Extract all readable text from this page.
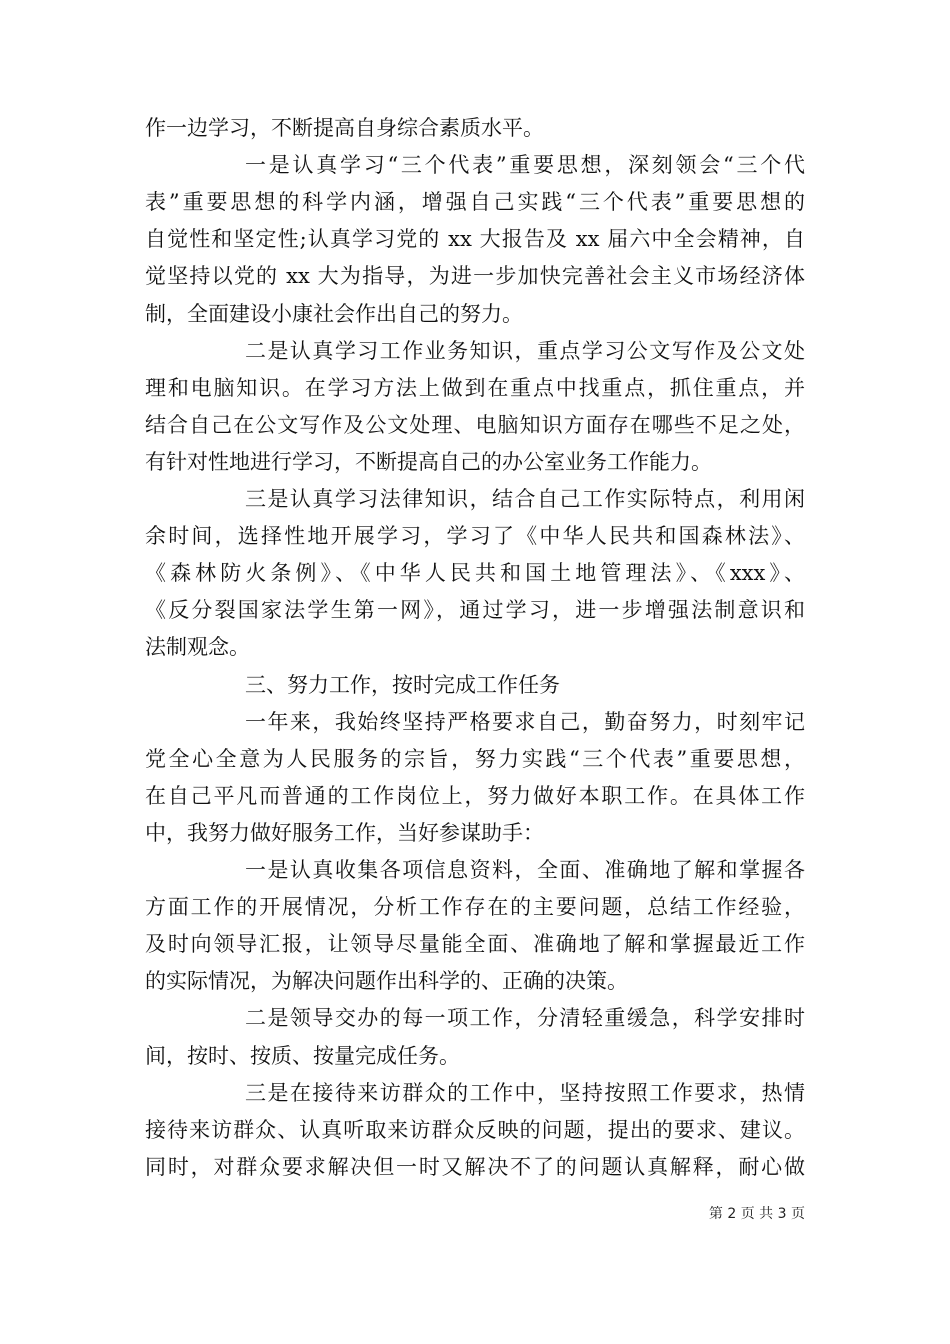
作一边学习，不断提高自身综合素质水平。
一是认真学习“三个代表”重要思想，深刻领会“三个代
表”重要思想的科学内涵，增强自己实践“三个代表”重要思想的
自觉性和坚定性;认真学习党的 xx 大报告及 xx 届六中全会精神，自
觉坚持以党的 xx 大为指导，为进一步加快完善社会主义市场经济体
制，全面建设小康社会作出自己的努力。
二是认真学习工作业务知识，重点学习公文写作及公文处
理和电脑知识。在学习方法上做到在重点中找重点，抓住重点，并
结合自己在公文写作及公文处理、电脑知识方面存在哪些不足之处，
有针对性地进行学习，不断提高自己的办公室业务工作能力。
三是认真学习法律知识，结合自己工作实际特点，利用闲
余时间，选择性地开展学习，学习了《中华人民共和国森林法》、
《森林防火条例》、《中华人民共和国土地管理法》、《xxx》、
《反分裂国家法学生第一网》，通过学习，进一步增强法制意识和
法制观念。
三、努力工作，按时完成工作任务
一年来，我始终坚持严格要求自己，勤奋努力，时刻牢记
党全心全意为人民服务的宗旨，努力实践“三个代表”重要思想，
在自己平凡而普通的工作岗位上，努力做好本职工作。在具体工作
中，我努力做好服务工作，当好参谋助手：
一是认真收集各项信息资料，全面、准确地了解和掌握各
方面工作的开展情况，分析工作存在的主要问题，总结工作经验，
及时向领导汇报，让领导尽量能全面、准确地了解和掌握最近工作
的实际情况，为解决问题作出科学的、正确的决策。
二是领导交办的每一项工作，分清轻重缓急，科学安排时
间，按时、按质、按量完成任务。
三是在接待来访群众的工作中，坚持按照工作要求，热情
接待来访群众、认真听取来访群众反映的问题，提出的要求、建议。
同时，对群众要求解决但一时又解决不了的问题认真解释，耐心做
第 2 页 共 3 页
